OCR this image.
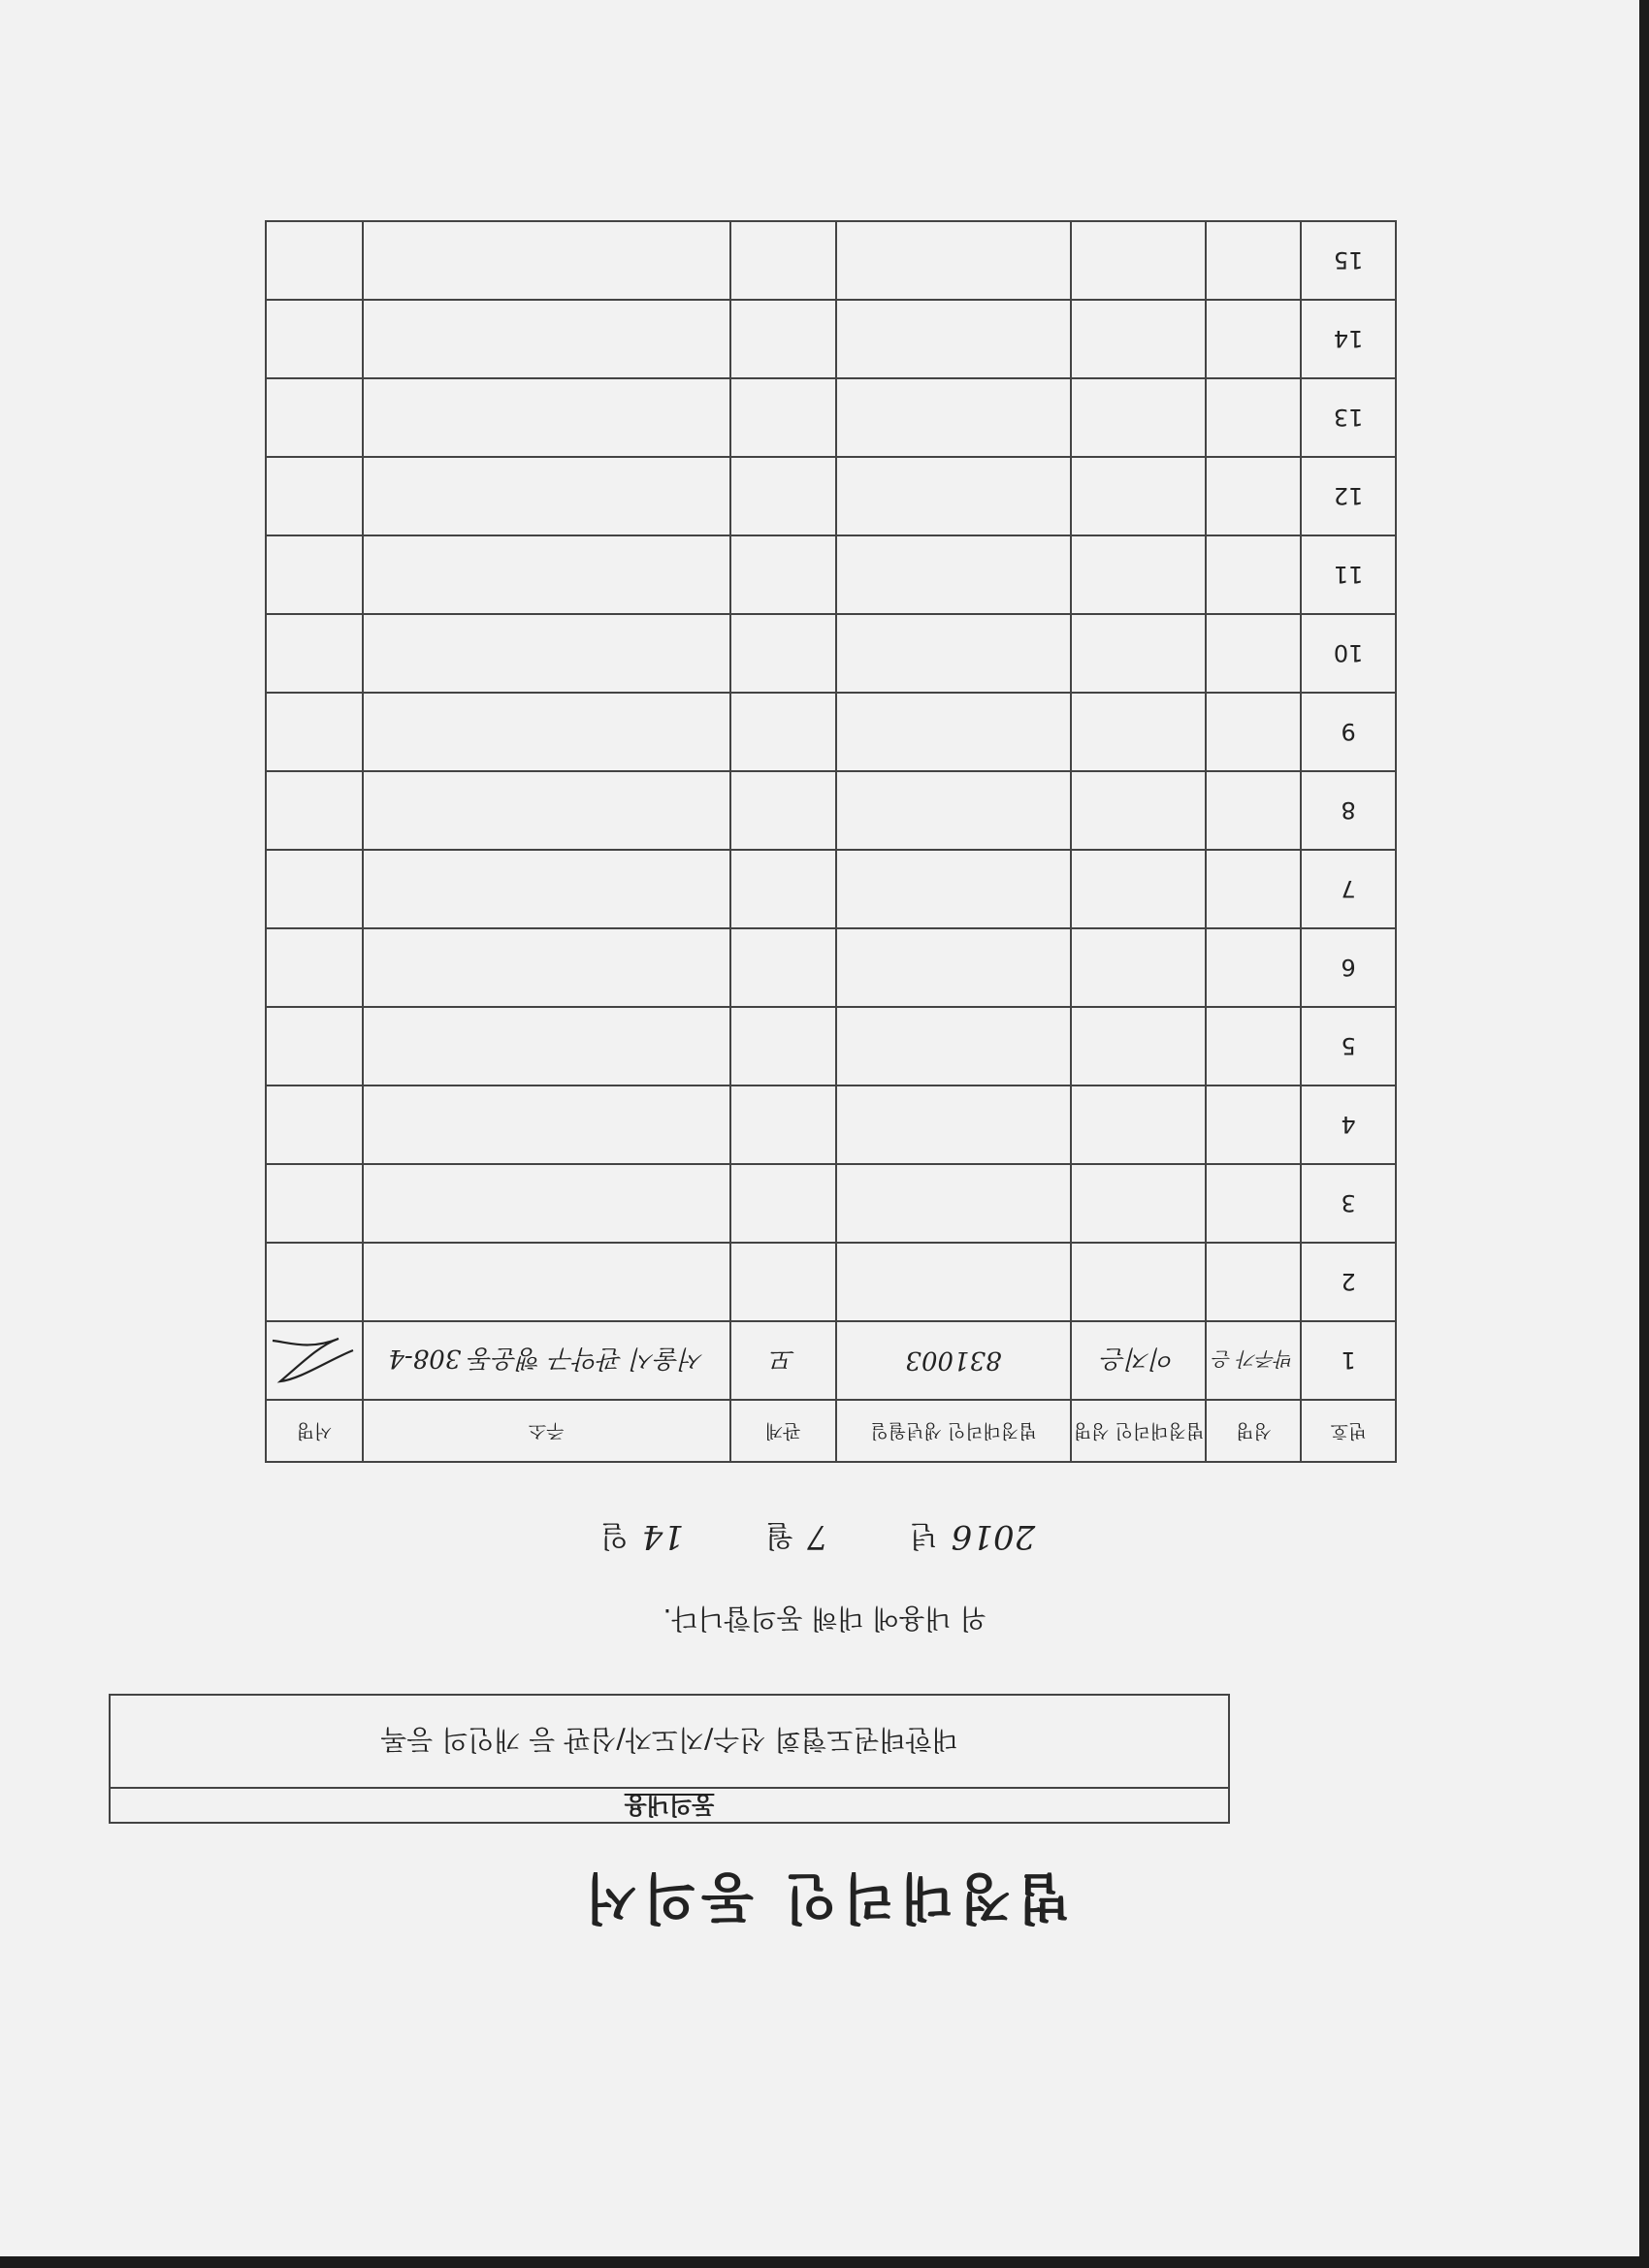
법정대리인 동의서
동의내용
대한태권도협회 선수/지도자/심판 등 개인의 등록
위 내용에 대해 동의합니다.
2016년7월14일
번호	성명	법정대리인 성명	법정대리인 생년월일	관계	주소	서명
1	박주가 은	이지은	831003	모	서울시 관악구 행운동 308-4	

2						
3						
4						
5						
6						
7						
8						
9						
10						
11						
12						
13						
14						
15						
